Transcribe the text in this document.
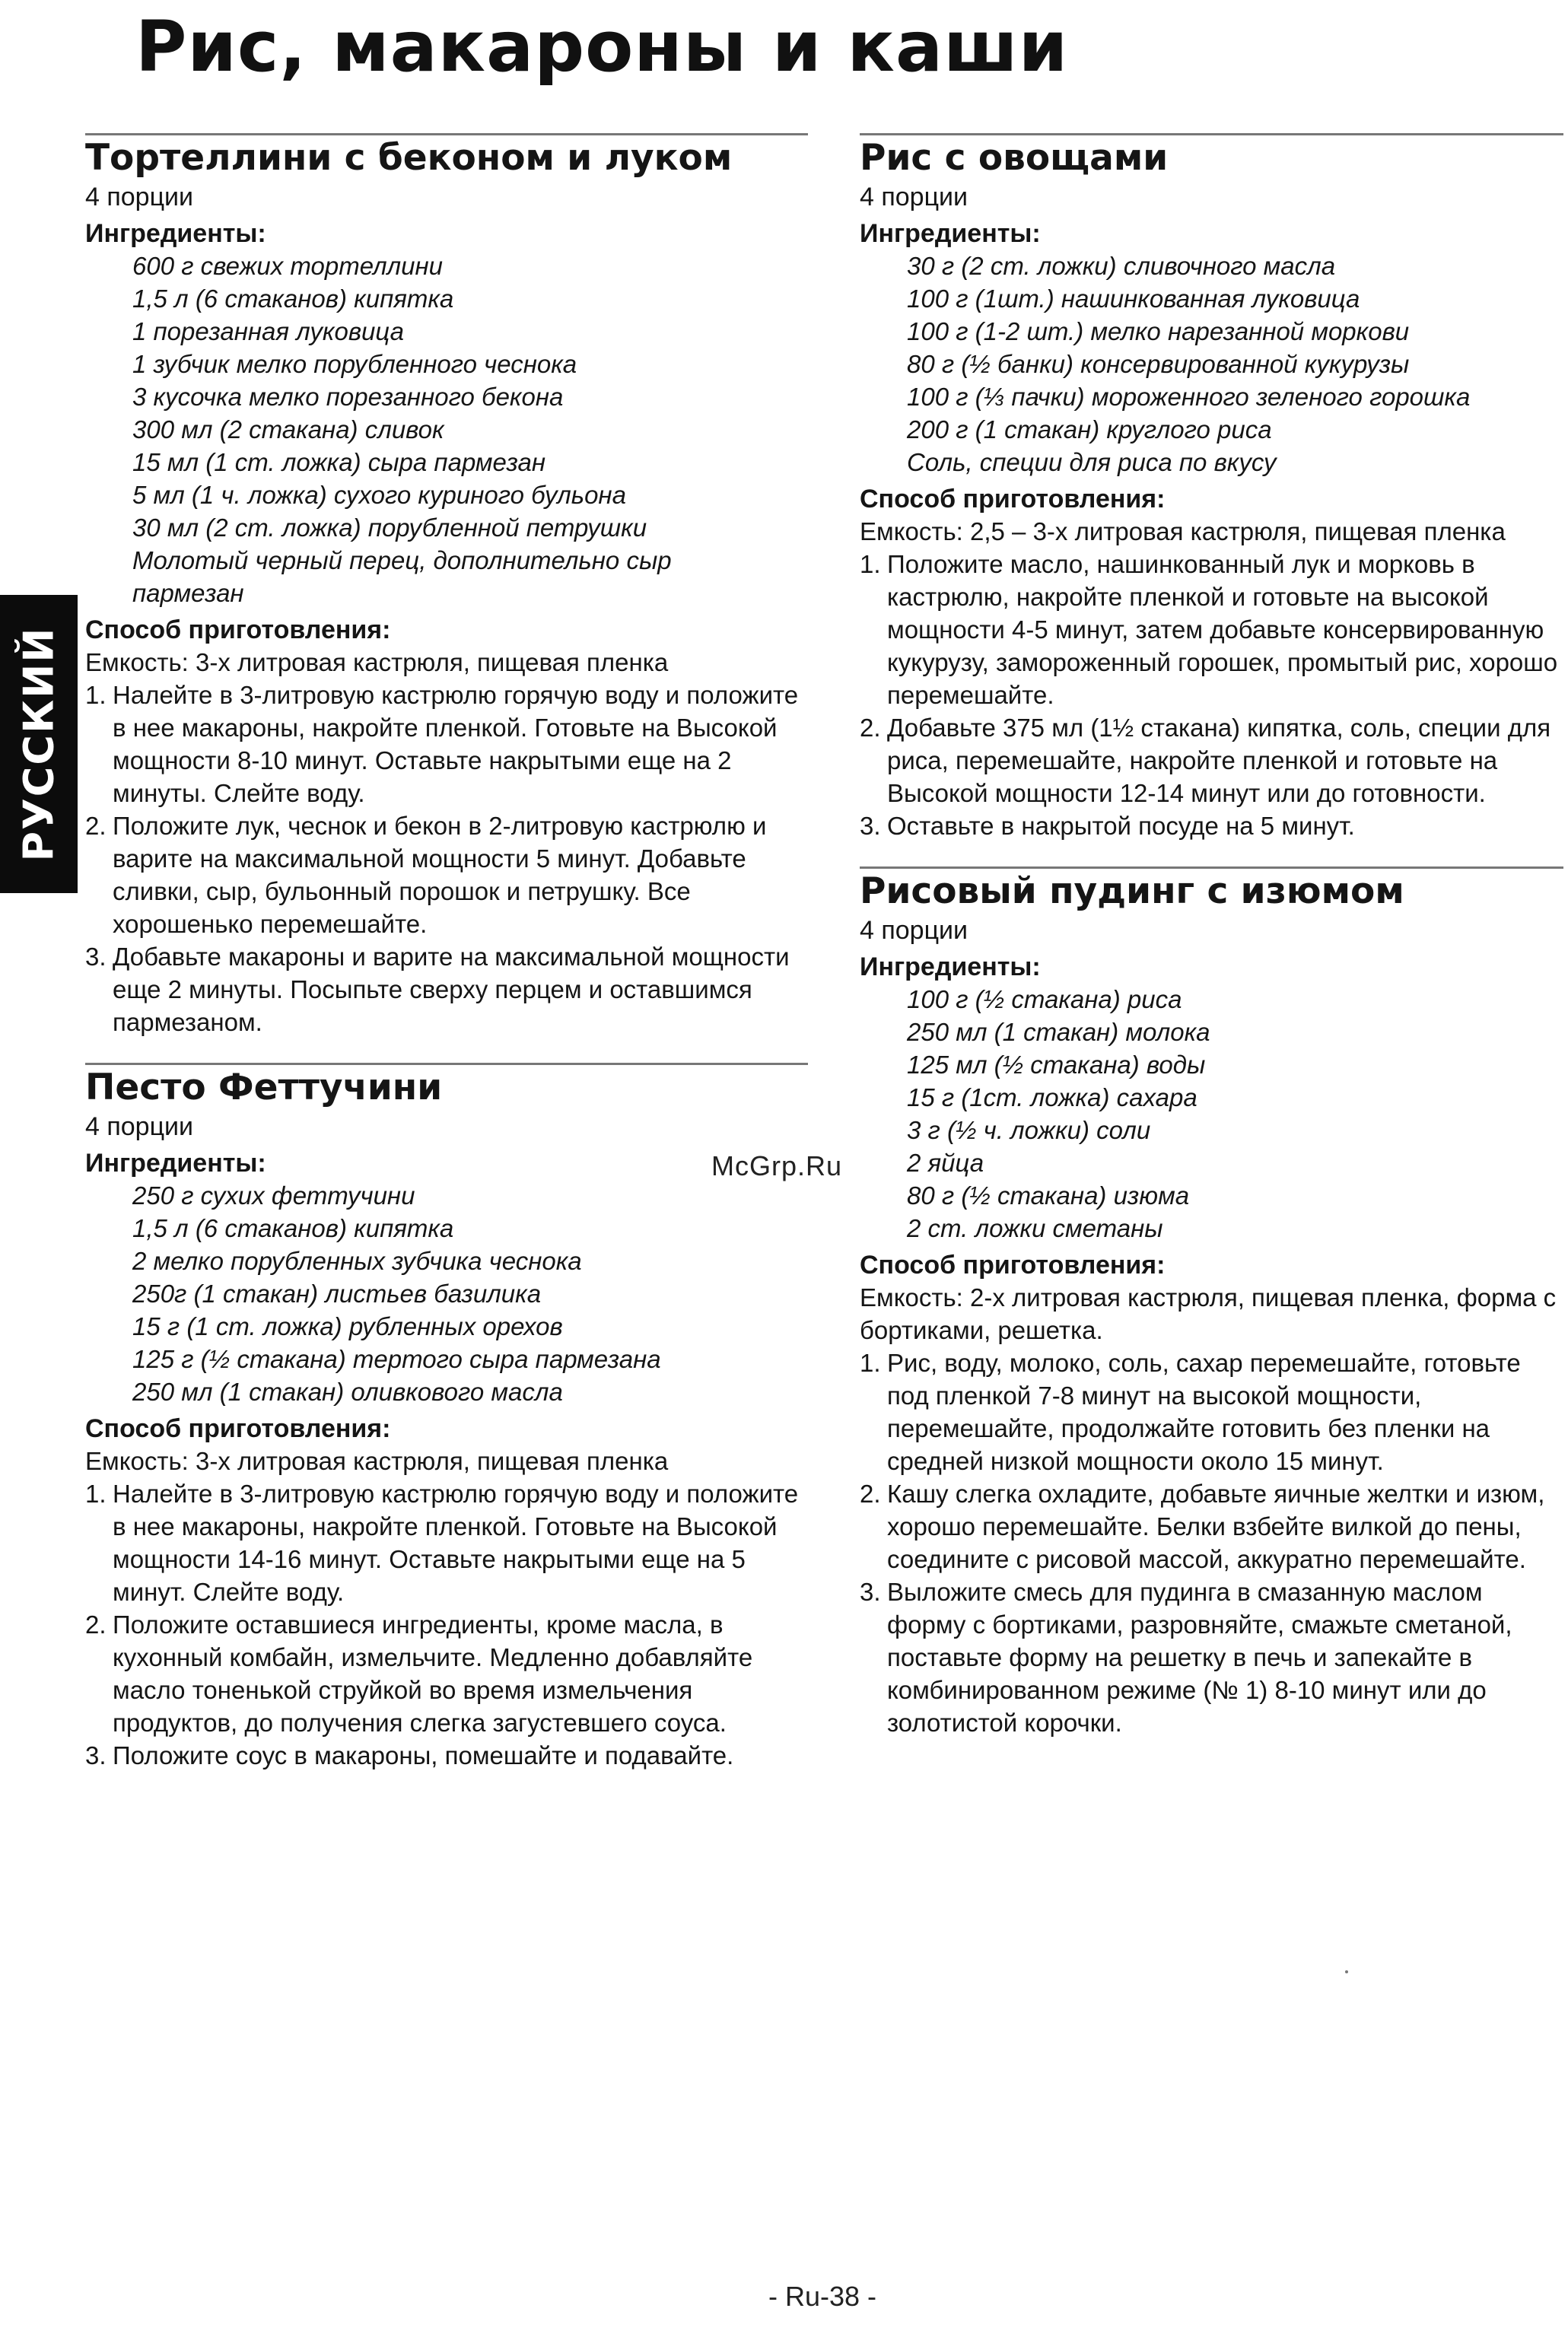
Рис, макароны и каши
РУССКИЙ
Тортеллини с беконом и луком
4 порции
Ингредиенты:
600 г свежих тортеллини
1,5 л (6 стаканов) кипятка
1 порезанная луковица
1 зубчик мелко порубленного чеснока
3 кусочка мелко порезанного бекона
300 мл (2 стакана) сливок
15 мл (1 ст. ложка) сыра пармезан
5 мл (1 ч. ложка) сухого куриного бульона
30 мл (2 ст. ложка) порубленной петрушки
Молотый черный перец, дополнительно сыр
пармезан
Способ приготовления:
Емкость: 3-х литровая кастрюля, пищевая пленка
1. Налейте в 3-литровую кастрюлю горячую воду и положите в нее макароны, накройте пленкой. Готовьте на Высокой мощности 8-10 минут. Оставьте накрытыми еще на 2 минуты. Слейте воду.
2. Положите лук, чеснок и бекон в 2-литровую кастрюлю и варите на максимальной мощности 5 минут. Добавьте сливки, сыр, бульонный порошок и петрушку. Все хорошенько перемешайте.
3. Добавьте макароны и варите на максимальной мощности еще 2 минуты. Посыпьте сверху перцем и оставшимся пармезаном.
Песто Феттучини
4 порции
Ингредиенты:
250 г сухих феттучини
1,5 л (6 стаканов) кипятка
2 мелко порубленных зубчика чеснока
250г (1 стакан) листьев базилика
15 г (1 ст. ложка) рубленных орехов
125 г (½ стакана) тертого сыра пармезана
250 мл (1 стакан) оливкового масла
Способ приготовления:
Емкость: 3-х литровая кастрюля, пищевая пленка
1. Налейте в 3-литровую кастрюлю горячую воду и положите в нее макароны, накройте пленкой. Готовьте на Высокой мощности 14-16 минут. Оставьте накрытыми еще на 5 минут. Слейте воду.
2. Положите оставшиеся ингредиенты, кроме масла, в кухонный комбайн, измельчите. Медленно добавляйте масло тоненькой струйкой во время измельчения продуктов, до получения слегка загустевшего соуса.
3. Положите соус в макароны, помешайте и подавайте.
Рис с овощами
4 порции
Ингредиенты:
30 г (2 ст. ложки) сливочного масла
100 г (1шт.) нашинкованная луковица
100 г (1-2 шт.) мелко нарезанной моркови
80 г (½ банки) консервированной кукурузы
100 г (⅓ пачки) мороженного зеленого горошка
200 г (1 стакан) круглого риса
Соль, специи для риса по вкусу
Способ приготовления:
Емкость: 2,5 – 3-х литровая кастрюля, пищевая пленка
1. Положите масло, нашинкованный лук и морковь в кастрюлю, накройте пленкой и готовьте на высокой мощности 4-5 минут, затем добавьте консервированную кукурузу, замороженный горошек, промытый рис, хорошо перемешайте.
2. Добавьте 375 мл (1½ стакана) кипятка, соль, специи для риса, перемешайте, накройте пленкой и готовьте на Высокой мощности 12-14 минут или до готовности.
3. Оставьте в накрытой посуде на 5 минут.
Рисовый пудинг с изюмом
4 порции
Ингредиенты:
100 г (½ стакана) риса
250 мл (1 стакан) молока
125 мл (½ стакана) воды
15 г (1ст. ложка) сахара
3 г (½ ч. ложки) соли
2 яйца
80 г (½ стакана) изюма
2 ст. ложки сметаны
Способ приготовления:
Емкость: 2-х литровая кастрюля, пищевая пленка, форма с бортиками, решетка.
1. Рис, воду, молоко, соль, сахар перемешайте, готовьте под пленкой 7-8 минут на высокой мощности, перемешайте, продолжайте готовить без пленки на средней низкой мощности около 15 минут.
2. Кашу слегка охладите, добавьте яичные желтки и изюм, хорошо перемешайте. Белки взбейте вилкой до пены, соедините с рисовой массой, аккуратно перемешайте.
3. Выложите смесь для пудинга в смазанную маслом форму с бортиками, разровняйте, смажьте сметаной, поставьте форму на решетку в печь и запекайте в комбинированном режиме (№ 1) 8-10 минут или до золотистой корочки.
McGrp.Ru
- Ru-38 -
